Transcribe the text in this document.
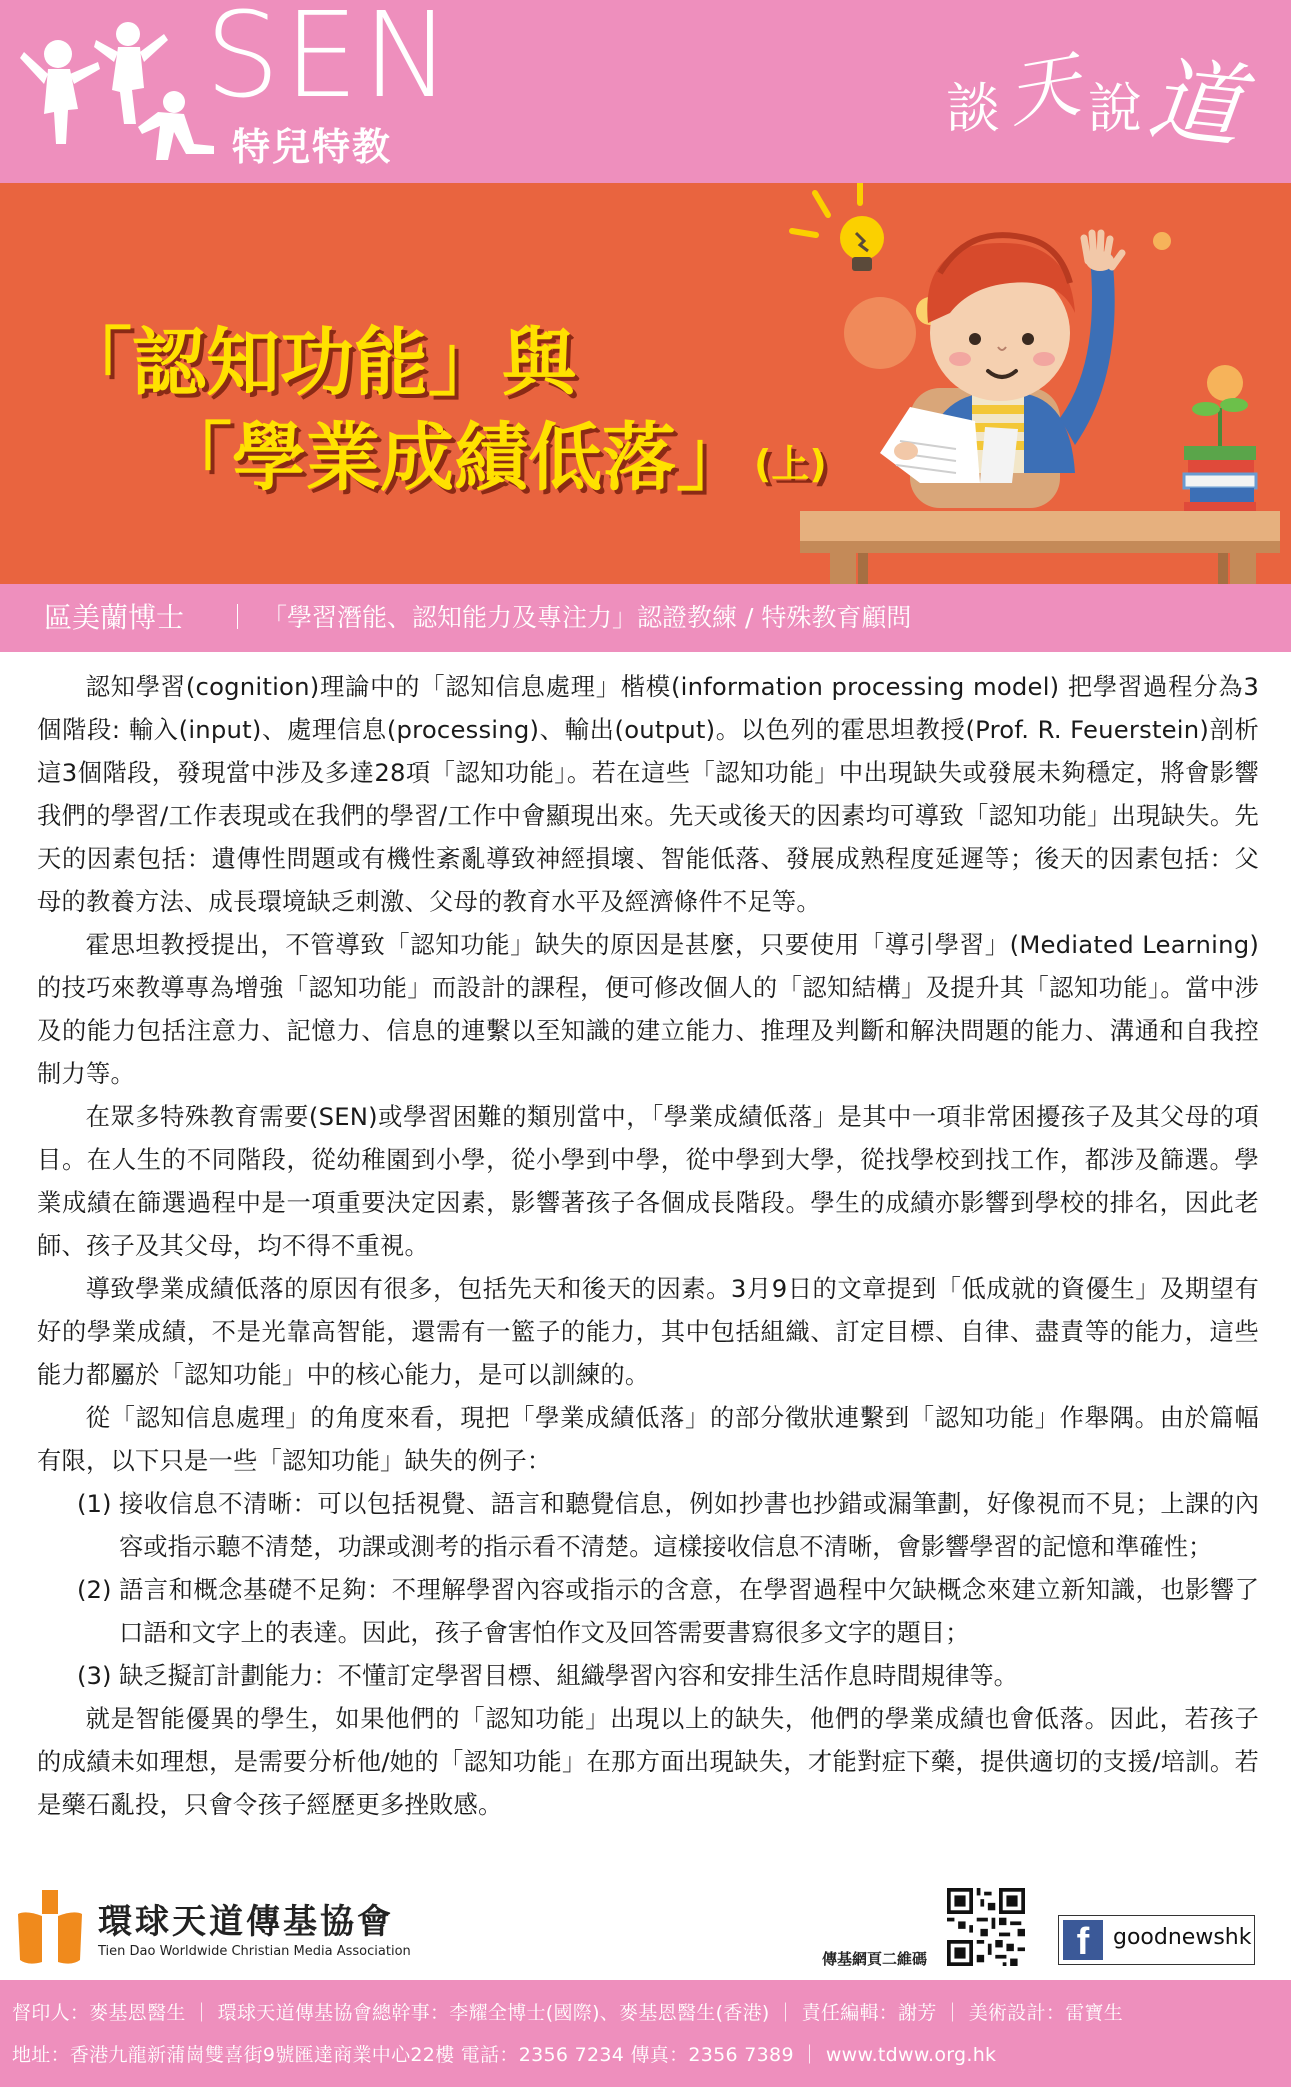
SEN
特兒特教
談 天 說 道
「認知功能」與
「學業成績低落」 (上)
區美蘭博士 ｜ 「學習潛能、認知能力及專注力」認證教練 / 特殊教育顧問

認知學習(cognition)理論中的「認知信息處理」楷模(information processing model) 把學習過程分為3個階段: 輸入(input)、處理信息(processing)、輸出(output)。以色列的霍思坦教授(Prof. R. Feuerstein)剖析這3個階段，發現當中涉及多達28項「認知功能」。若在這些「認知功能」中出現缺失或發展未夠穩定，將會影響我們的學習/工作表現或在我們的學習/工作中會顯現出來。先天或後天的因素均可導致「認知功能」出現缺失。先天的因素包括：遺傳性問題或有機性紊亂導致神經損壞、智能低落、發展成熟程度延遲等；後天的因素包括：父母的教養方法、成長環境缺乏刺激、父母的教育水平及經濟條件不足等。

霍思坦教授提出，不管導致「認知功能」缺失的原因是甚麼，只要使用「導引學習」(Mediated Learning) 的技巧來教導專為增強「認知功能」而設計的課程，便可修改個人的「認知結構」及提升其「認知功能」。當中涉及的能力包括注意力、記憶力、信息的連繫以至知識的建立能力、推理及判斷和解決問題的能力、溝通和自我控制力等。

在眾多特殊教育需要(SEN)或學習困難的類別當中，「學業成績低落」是其中一項非常困擾孩子及其父母的項目。在人生的不同階段，從幼稚園到小學，從小學到中學，從中學到大學，從找學校到找工作，都涉及篩選。學業成績在篩選過程中是一項重要決定因素，影響著孩子各個成長階段。學生的成績亦影響到學校的排名，因此老師、孩子及其父母，均不得不重視。

導致學業成績低落的原因有很多，包括先天和後天的因素。3月9日的文章提到「低成就的資優生」及期望有好的學業成績，不是光靠高智能，還需有一籃子的能力，其中包括組織、訂定目標、自律、盡責等的能力，這些能力都屬於「認知功能」中的核心能力，是可以訓練的。

從「認知信息處理」的角度來看，現把「學業成績低落」的部分徵狀連繫到「認知功能」作舉隅。由於篇幅有限，以下只是一些「認知功能」缺失的例子：

(1) 接收信息不清晰：可以包括視覺、語言和聽覺信息，例如抄書也抄錯或漏筆劃，好像視而不見；上課的內容或指示聽不清楚，功課或測考的指示看不清楚。這樣接收信息不清晰，會影響學習的記憶和準確性；
(2) 語言和概念基礎不足夠：不理解學習內容或指示的含意，在學習過程中欠缺概念來建立新知識，也影響了口語和文字上的表達。因此，孩子會害怕作文及回答需要書寫很多文字的題目；
(3) 缺乏擬訂計劃能力：不懂訂定學習目標、組織學習內容和安排生活作息時間規律等。

就是智能優異的學生，如果他們的「認知功能」出現以上的缺失，他們的學業成績也會低落。因此，若孩子的成績未如理想，是需要分析他/她的「認知功能」在那方面出現缺失，才能對症下藥，提供適切的支援/培訓。若是藥石亂投，只會令孩子經歷更多挫敗感。

環球天道傳基協會
Tien Dao Worldwide Christian Media Association	傳基網頁二維碼	f	goodnewshk
督印人：麥基恩醫生 ｜ 環球天道傳基協會總幹事：李耀全博士(國際)、麥基恩醫生(香港) ｜ 責任編輯：謝芳 ｜ 美術設計：雷寶生
地址：香港九龍新蒲崗雙喜街9號匯達商業中心22樓 電話：2356 7234 傳真：2356 7389 ｜ www.tdww.org.hk
